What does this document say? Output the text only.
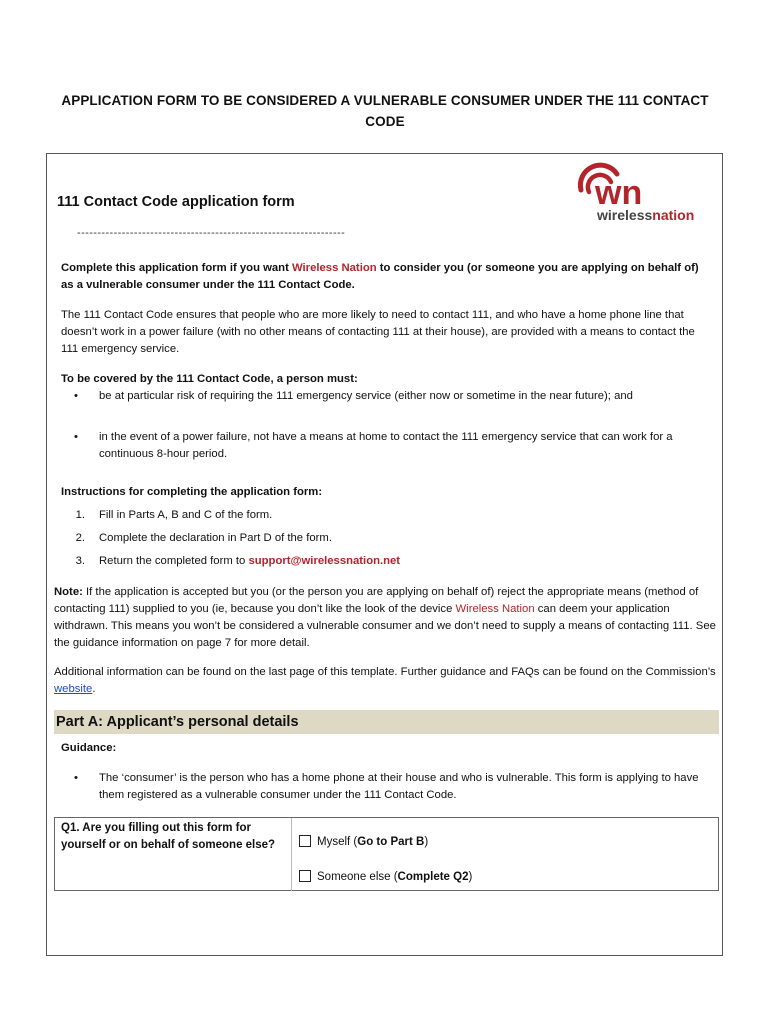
APPLICATION FORM TO BE CONSIDERED A VULNERABLE CONSUMER UNDER THE 111 CONTACT CODE
111 Contact Code application form
------------------------------------------------------------------
wn
wirelessnation
Complete this application form if you want Wireless Nation to consider you (or someone you are applying on behalf of) as a vulnerable consumer under the 111 Contact Code.
The 111 Contact Code ensures that people who are more likely to need to contact 111, and who have a home phone line that doesn’t work in a power failure (with no other means of contacting 111 at their house), are provided with a means to contact the 111 emergency service.
To be covered by the 111 Contact Code, a person must:
•	be at particular risk of requiring the 111 emergency service (either now or sometime in the near future); and
•	in the event of a power failure, not have a means at home to contact the 111 emergency service that can work for a continuous 8-hour period.
Instructions for completing the application form:
1. Fill in Parts A, B and C of the form.
2. Complete the declaration in Part D of the form.
3. Return the completed form to support@wirelessnation.net
Note: If the application is accepted but you (or the person you are applying on behalf of) reject the appropriate means (method of contacting 111) supplied to you (ie, because you don’t like the look of the device Wireless Nation can deem your application withdrawn. This means you won’t be considered a vulnerable consumer and we don’t need to supply a means of contacting 111. See the guidance information on page 7 for more detail.
Additional information can be found on the last page of this template. Further guidance and FAQs can be found on the Commission’s website.
Part A: Applicant’s personal details
Guidance:
•	The ‘consumer’ is the person who has a home phone at their house and who is vulnerable. This form is applying to have them registered as a vulnerable consumer under the 111 Contact Code.
Q1. Are you filling out this form for yourself or on behalf of someone else?	Myself (Go to Part B)
Someone else (Complete Q2)
